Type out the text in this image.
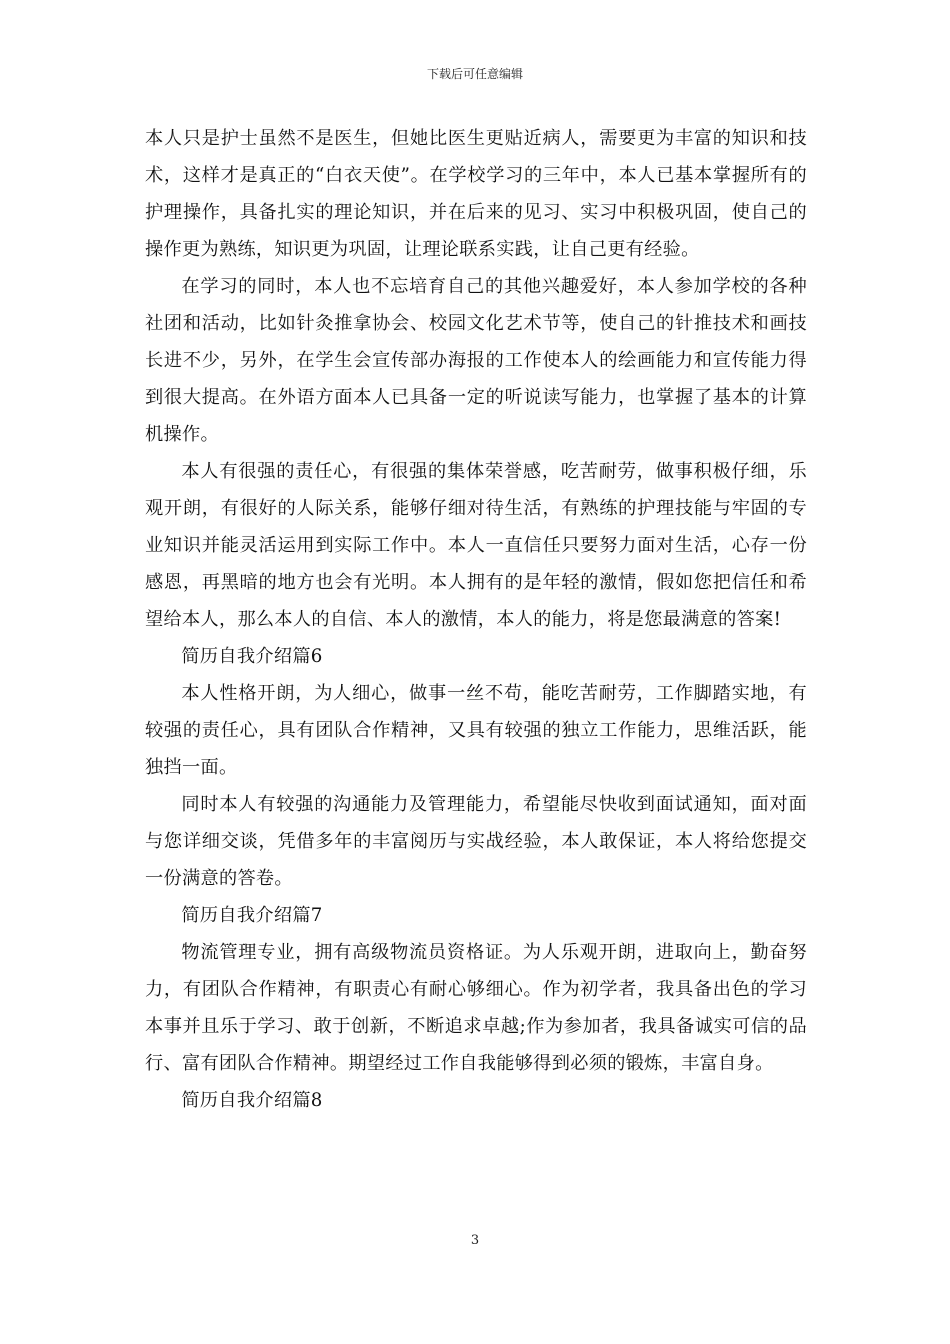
下载后可任意编辑

本人只是护士虽然不是医生，但她比医生更贴近病人，需要更为丰富的知识和技术，这样才是真正的“白衣天使”。在学校学习的三年中，本人已基本掌握所有的护理操作，具备扎实的理论知识，并在后来的见习、实习中积极巩固，使自己的操作更为熟练，知识更为巩固，让理论联系实践，让自己更有经验。

在学习的同时，本人也不忘培育自己的其他兴趣爱好，本人参加学校的各种社团和活动，比如针灸推拿协会、校园文化艺术节等，使自己的针推技术和画技长进不少，另外，在学生会宣传部办海报的工作使本人的绘画能力和宣传能力得到很大提高。在外语方面本人已具备一定的听说读写能力，也掌握了基本的计算机操作。

本人有很强的责任心，有很强的集体荣誉感，吃苦耐劳，做事积极仔细，乐观开朗，有很好的人际关系，能够仔细对待生活，有熟练的护理技能与牢固的专业知识并能灵活运用到实际工作中。本人一直信任只要努力面对生活，心存一份感恩，再黑暗的地方也会有光明。本人拥有的是年轻的激情，假如您把信任和希望给本人，那么本人的自信、本人的激情，本人的能力，将是您最满意的答案!

简历自我介绍篇6

本人性格开朗，为人细心，做事一丝不苟，能吃苦耐劳，工作脚踏实地，有较强的责任心，具有团队合作精神，又具有较强的独立工作能力，思维活跃，能独挡一面。

同时本人有较强的沟通能力及管理能力，希望能尽快收到面试通知，面对面与您详细交谈，凭借多年的丰富阅历与实战经验，本人敢保证，本人将给您提交一份满意的答卷。

简历自我介绍篇7

物流管理专业，拥有高级物流员资格证。为人乐观开朗，进取向上，勤奋努力，有团队合作精神，有职责心有耐心够细心。作为初学者，我具备出色的学习本事并且乐于学习、敢于创新，不断追求卓越;作为参加者，我具备诚实可信的品行、富有团队合作精神。期望经过工作自我能够得到必须的锻炼，丰富自身。

简历自我介绍篇8

3
